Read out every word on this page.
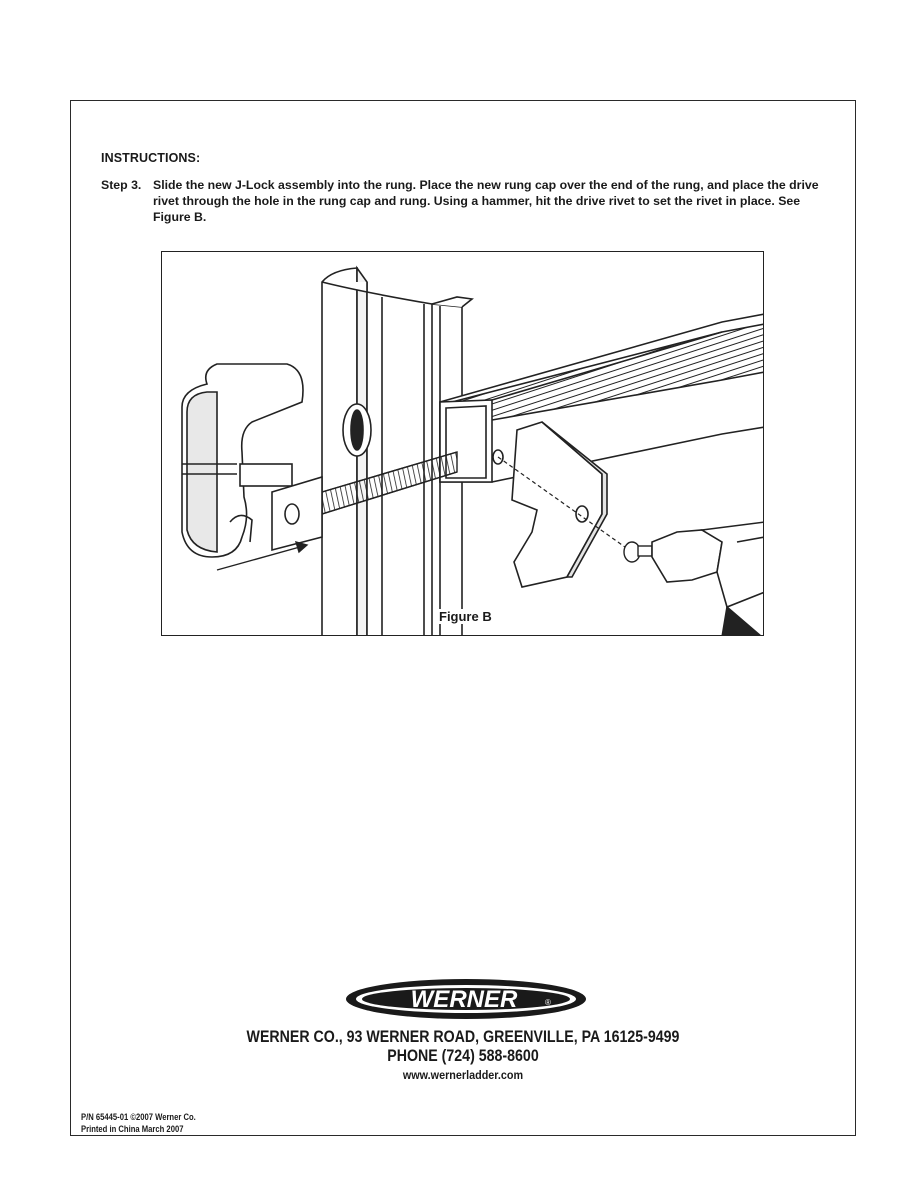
INSTRUCTIONS:
Step 3. Slide the new J-Lock assembly into the rung. Place the new rung cap over the end of the rung, and place the drive rivet through the hole in the rung cap and rung. Using a hammer, hit the drive rivet to set the rivet in place. See Figure B.
Figure B
WERNER	®
WERNER CO., 93 WERNER ROAD, GREENVILLE, PA 16125-9499
PHONE (724) 588-8600
www.wernerladder.com
P/N 65445-01 ©2007 Werner Co.
Printed in China March 2007
